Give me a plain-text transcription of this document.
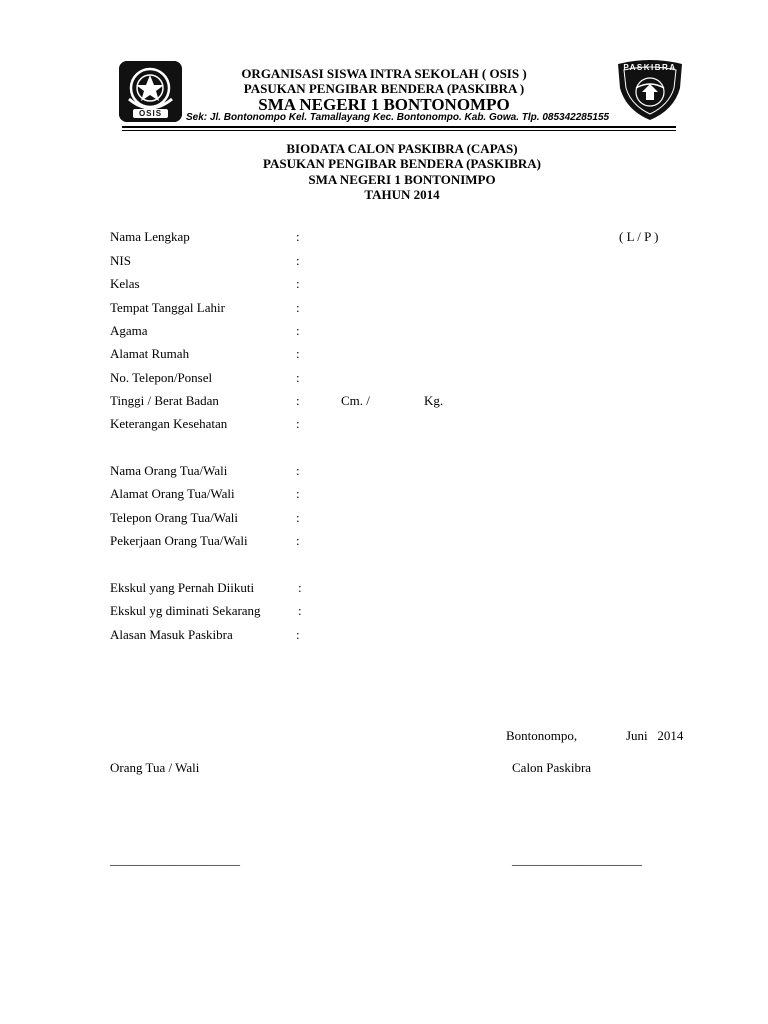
OSIS
PASKIBRA
ORGANISASI SISWA INTRA SEKOLAH ( OSIS )
PASUKAN PENGIBAR BENDERA (PASKIBRA )
SMA NEGERI 1 BONTONOMPO
Sek: Jl. Bontonompo Kel. Tamallayang Kec. Bontonompo. Kab. Gowa. Tlp. 085342285155
BIODATA CALON PASKIBRA (CAPAS)
PASUKAN PENGIBAR BENDERA (PASKIBRA)
SMA NEGERI 1 BONTONIMPO
TAHUN 2014
Nama Lengkap	:	( L / P )
NIS	:
Kelas	:
Tempat Tanggal Lahir	:
Agama	:
Alamat Rumah	:
No. Telepon/Ponsel	:
Tinggi / Berat Badan	:	Cm. /	Kg.
Keterangan Kesehatan	:
Nama Orang Tua/Wali	:
Alamat Orang Tua/Wali	:
Telepon Orang Tua/Wali	:
Pekerjaan Orang Tua/Wali	:
Ekskul yang Pernah Diikuti	:
Ekskul yg diminati Sekarang	:
Alasan Masuk Paskibra	:
Bontonompo,	Juni   2014
Orang Tua / Wali	Calon Paskibra
____________________	____________________
